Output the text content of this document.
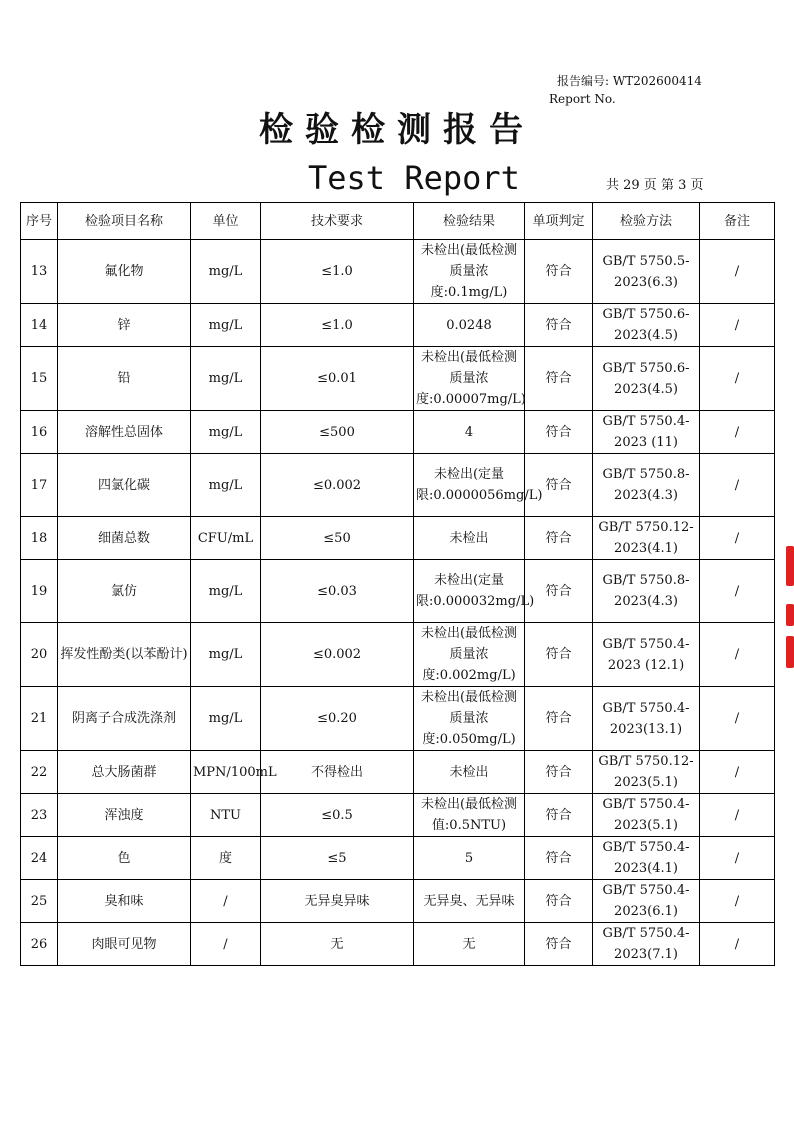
报告编号: WT202600414
Report No.
检验检测报告
Test Report	共 29 页 第 3 页
序号	检验项目名称	单位	技术要求	检验结果	单项判定	检验方法	备注
13	氟化物	mg/L	≤1.0	未检出(最低检测质量浓度:0.1mg/L)	符合	GB/T 5750.5-2023(6.3)	/
14	锌	mg/L	≤1.0	0.0248	符合	GB/T 5750.6-2023(4.5)	/
15	铅	mg/L	≤0.01	未检出(最低检测质量浓度:0.00007mg/L)	符合	GB/T 5750.6-2023(4.5)	/
16	溶解性总固体	mg/L	≤500	4	符合	GB/T 5750.4-2023 (11)	/
17	四氯化碳	mg/L	≤0.002	未检出(定量限:0.0000056mg/L)	符合	GB/T 5750.8-2023(4.3)	/
18	细菌总数	CFU/mL	≤50	未检出	符合	GB/T 5750.12-2023(4.1)	/
19	氯仿	mg/L	≤0.03	未检出(定量限:0.000032mg/L)	符合	GB/T 5750.8-2023(4.3)	/
20	挥发性酚类(以苯酚计)	mg/L	≤0.002	未检出(最低检测质量浓度:0.002mg/L)	符合	GB/T 5750.4-2023 (12.1)	/
21	阴离子合成洗涤剂	mg/L	≤0.20	未检出(最低检测质量浓度:0.050mg/L)	符合	GB/T 5750.4-2023(13.1)	/
22	总大肠菌群	MPN/100mL	不得检出	未检出	符合	GB/T 5750.12-2023(5.1)	/
23	浑浊度	NTU	≤0.5	未检出(最低检测值:0.5NTU)	符合	GB/T 5750.4-2023(5.1)	/
24	色	度	≤5	5	符合	GB/T 5750.4-2023(4.1)	/
25	臭和味	/	无异臭异味	无异臭、无异味	符合	GB/T 5750.4-2023(6.1)	/
26	肉眼可见物	/	无	无	符合	GB/T 5750.4-2023(7.1)	/
